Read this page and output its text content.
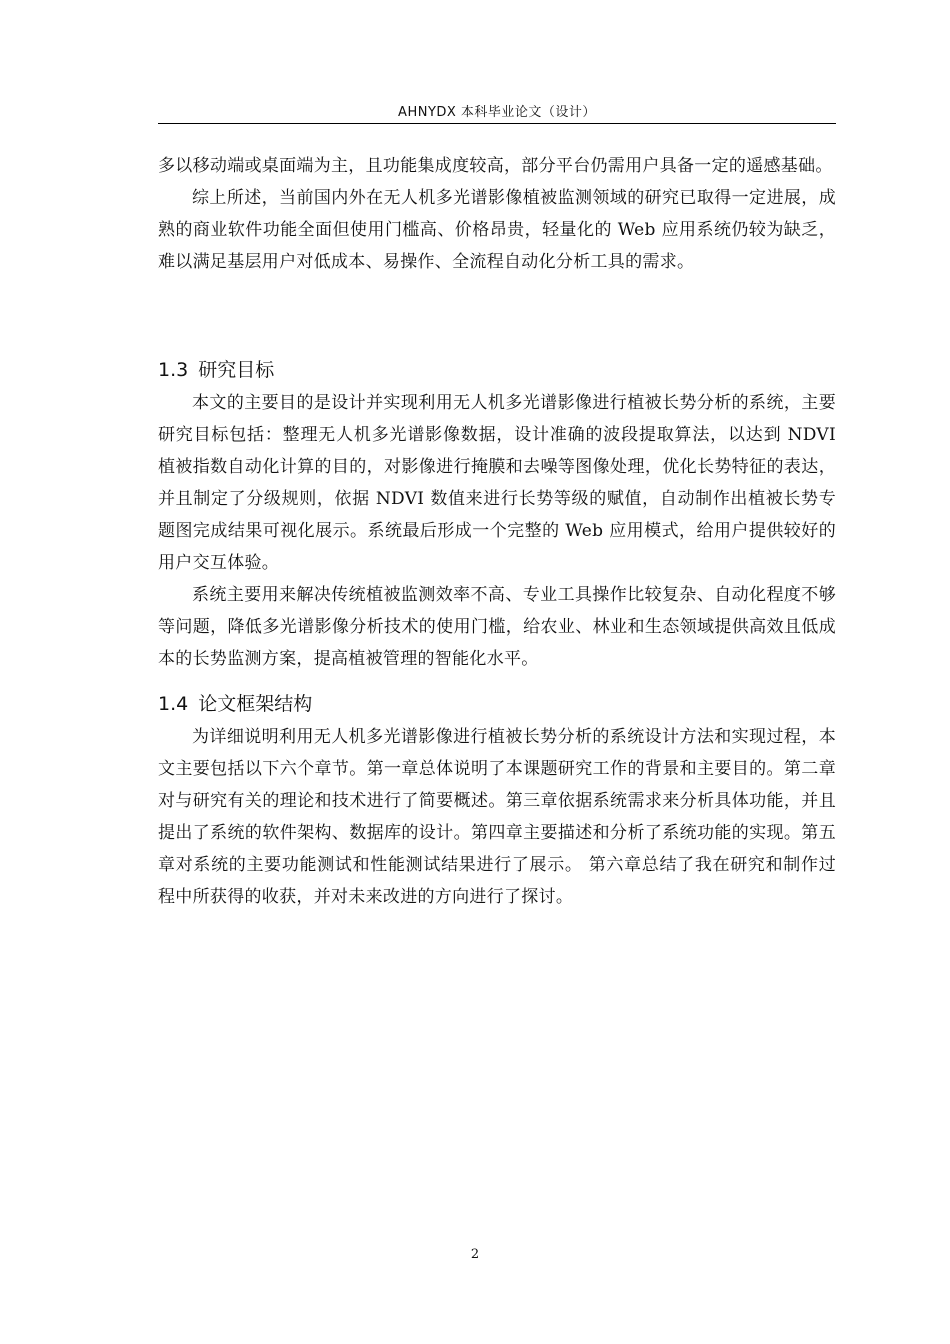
AHNYDX 本科毕业论文（设计）

多以移动端或桌面端为主，且功能集成度较高，部分平台仍需用户具备一定的遥感基础。

综上所述，当前国内外在无人机多光谱影像植被监测领域的研究已取得一定进展，成熟的商业软件功能全面但使用门槛高、价格昂贵，轻量化的 Web 应用系统仍较为缺乏，难以满足基层用户对低成本、易操作、全流程自动化分析工具的需求。

1.3 研究目标

本文的主要目的是设计并实现利用无人机多光谱影像进行植被长势分析的系统，主要研究目标包括：整理无人机多光谱影像数据，设计准确的波段提取算法，以达到 NDVI 植被指数自动化计算的目的，对影像进行掩膜和去噪等图像处理，优化长势特征的表达，并且制定了分级规则，依据 NDVI 数值来进行长势等级的赋值，自动制作出植被长势专题图完成结果可视化展示。系统最后形成一个完整的 Web 应用模式，给用户提供较好的用户交互体验。

系统主要用来解决传统植被监测效率不高、专业工具操作比较复杂、自动化程度不够等问题，降低多光谱影像分析技术的使用门槛，给农业、林业和生态领域提供高效且低成本的长势监测方案，提高植被管理的智能化水平。

1.4 论文框架结构

为详细说明利用无人机多光谱影像进行植被长势分析的系统设计方法和实现过程，本文主要包括以下六个章节。第一章总体说明了本课题研究工作的背景和主要目的。第二章对与研究有关的理论和技术进行了简要概述。第三章依据系统需求来分析具体功能，并且提出了系统的软件架构、数据库的设计。第四章主要描述和分析了系统功能的实现。第五章对系统的主要功能测试和性能测试结果进行了展示。 第六章总结了我在研究和制作过程中所获得的收获，并对未来改进的方向进行了探讨。

2
